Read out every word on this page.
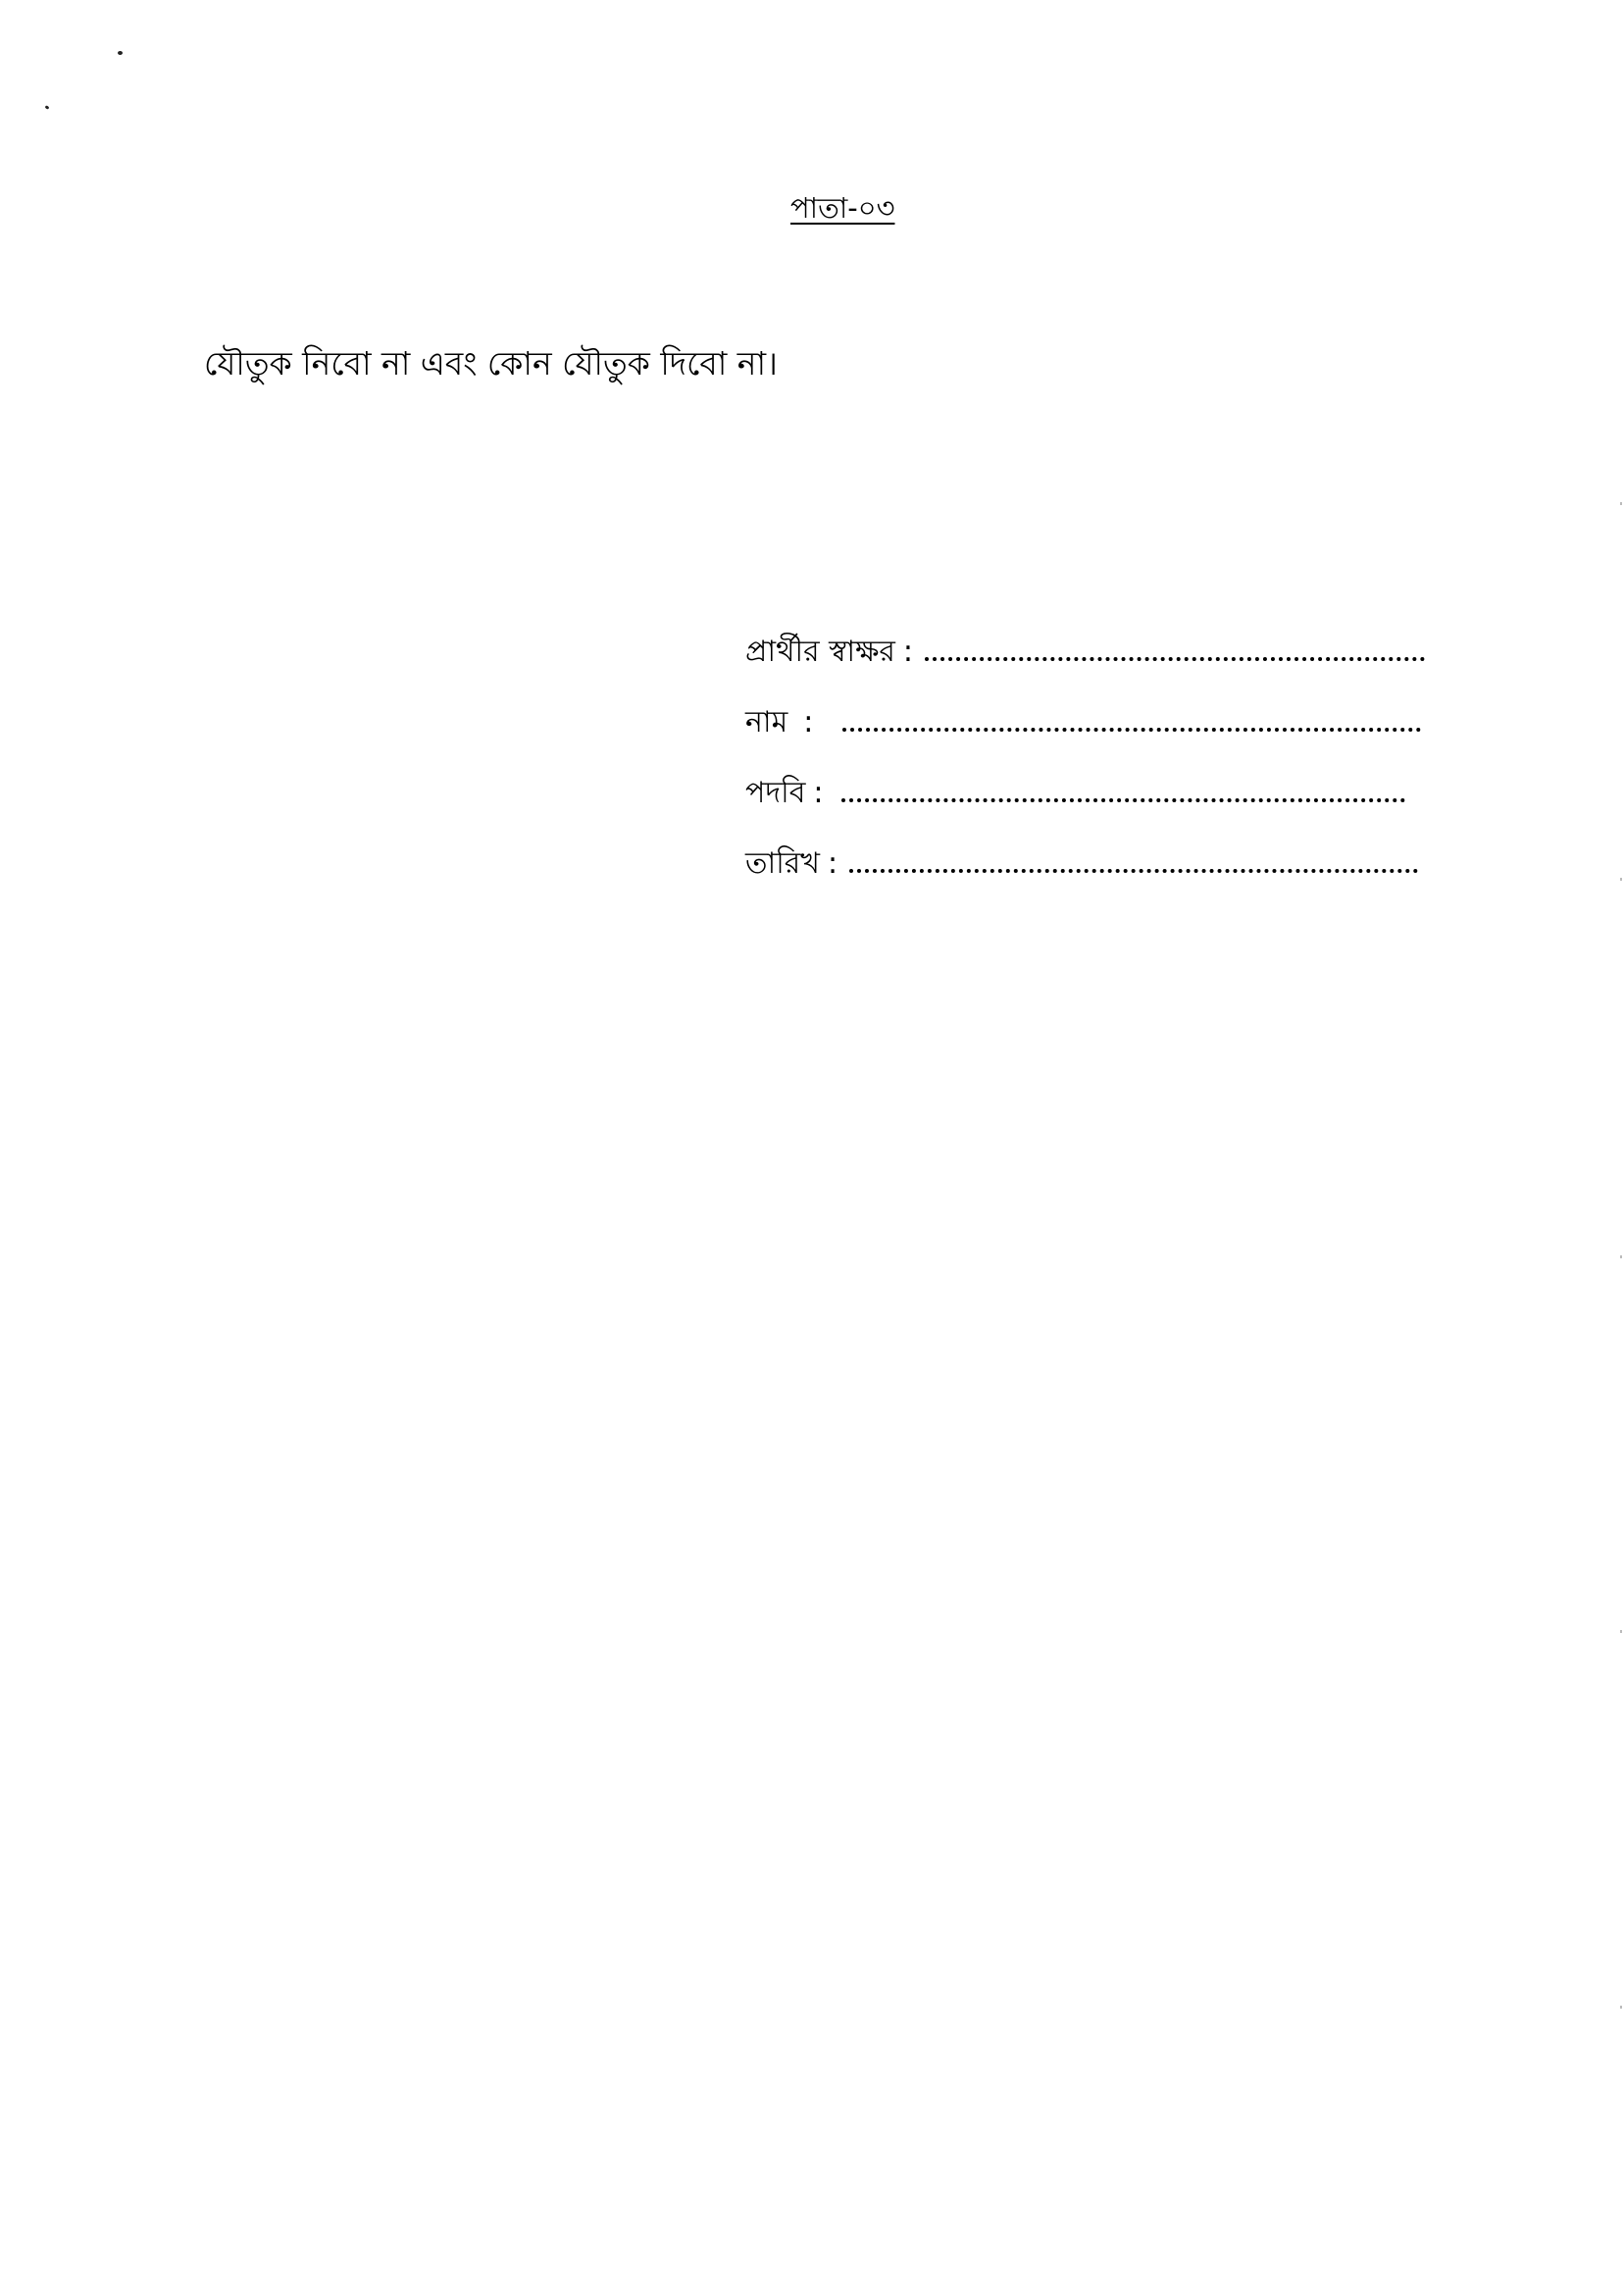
পাতা-০৩
যৌতুক নিবো না এবং কোন যৌতুক দিবো না।
প্রার্থীর স্বাক্ষর :
নাম :
পদবি :
তারিখ :
